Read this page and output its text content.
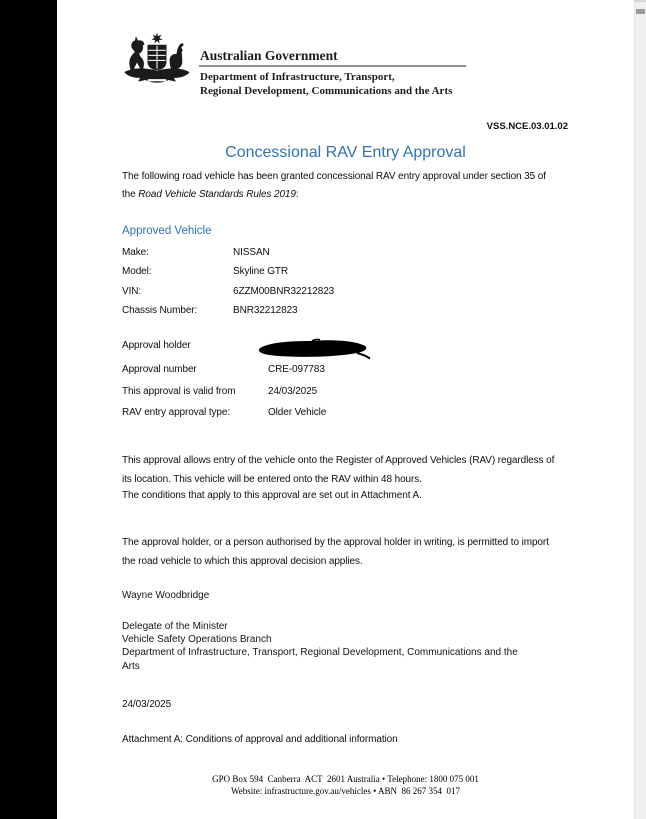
Australian Government
Department of Infrastructure, Transport,
Regional Development, Communications and the Arts
VSS.NCE.03.01.02
Concessional RAV Entry Approval
The following road vehicle has been granted concessional RAV entry approval under section 35 of
the Road Vehicle Standards Rules 2019:
Approved Vehicle
Make:	NISSAN
Model:	Skyline GTR
VIN:	6ZZM00BNR32212823
Chassis Number:	BNR32212823
Approval holder
Approval number	CRE-097783
This approval is valid from	24/03/2025
RAV entry approval type:	Older Vehicle
This approval allows entry of the vehicle onto the Register of Approved Vehicles (RAV) regardless of
its location. This vehicle will be entered onto the RAV within 48 hours.
The conditions that apply to this approval are set out in Attachment A.
The approval holder, or a person authorised by the approval holder in writing, is permitted to import
the road vehicle to which this approval decision applies.
Wayne Woodbridge
Delegate of the Minister
Vehicle Safety Operations Branch
Department of Infrastructure, Transport, Regional Development, Communications and the
Arts
24/03/2025
Attachment A: Conditions of approval and additional information
GPO Box 594  Canberra  ACT  2601 Australia • Telephone: 1800 075 001
Website: infrastructure.gov.au/vehicles • ABN  86 267 354  017
